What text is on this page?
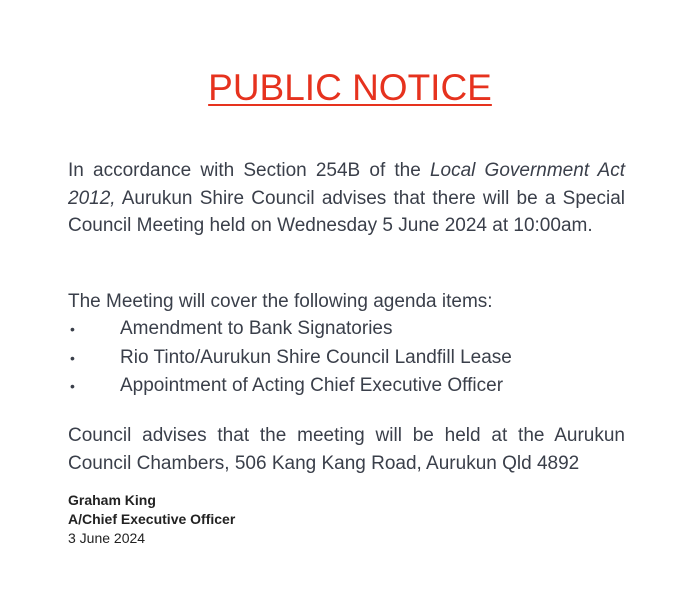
PUBLIC NOTICE

In accordance with Section 254B of the Local Government Act 2012, Aurukun Shire Council advises that there will be a Special Council Meeting held on Wednesday 5 June 2024 at 10:00am.

The Meeting will cover the following agenda items:

•	Amendment to Bank Signatories
•	Rio Tinto/Aurukun Shire Council Landfill Lease
•	Appointment of Acting Chief Executive Officer

Council advises that the meeting will be held at the Aurukun Council Chambers, 506 Kang Kang Road, Aurukun Qld 4892

Graham King
A/Chief Executive Officer
3 June 2024
